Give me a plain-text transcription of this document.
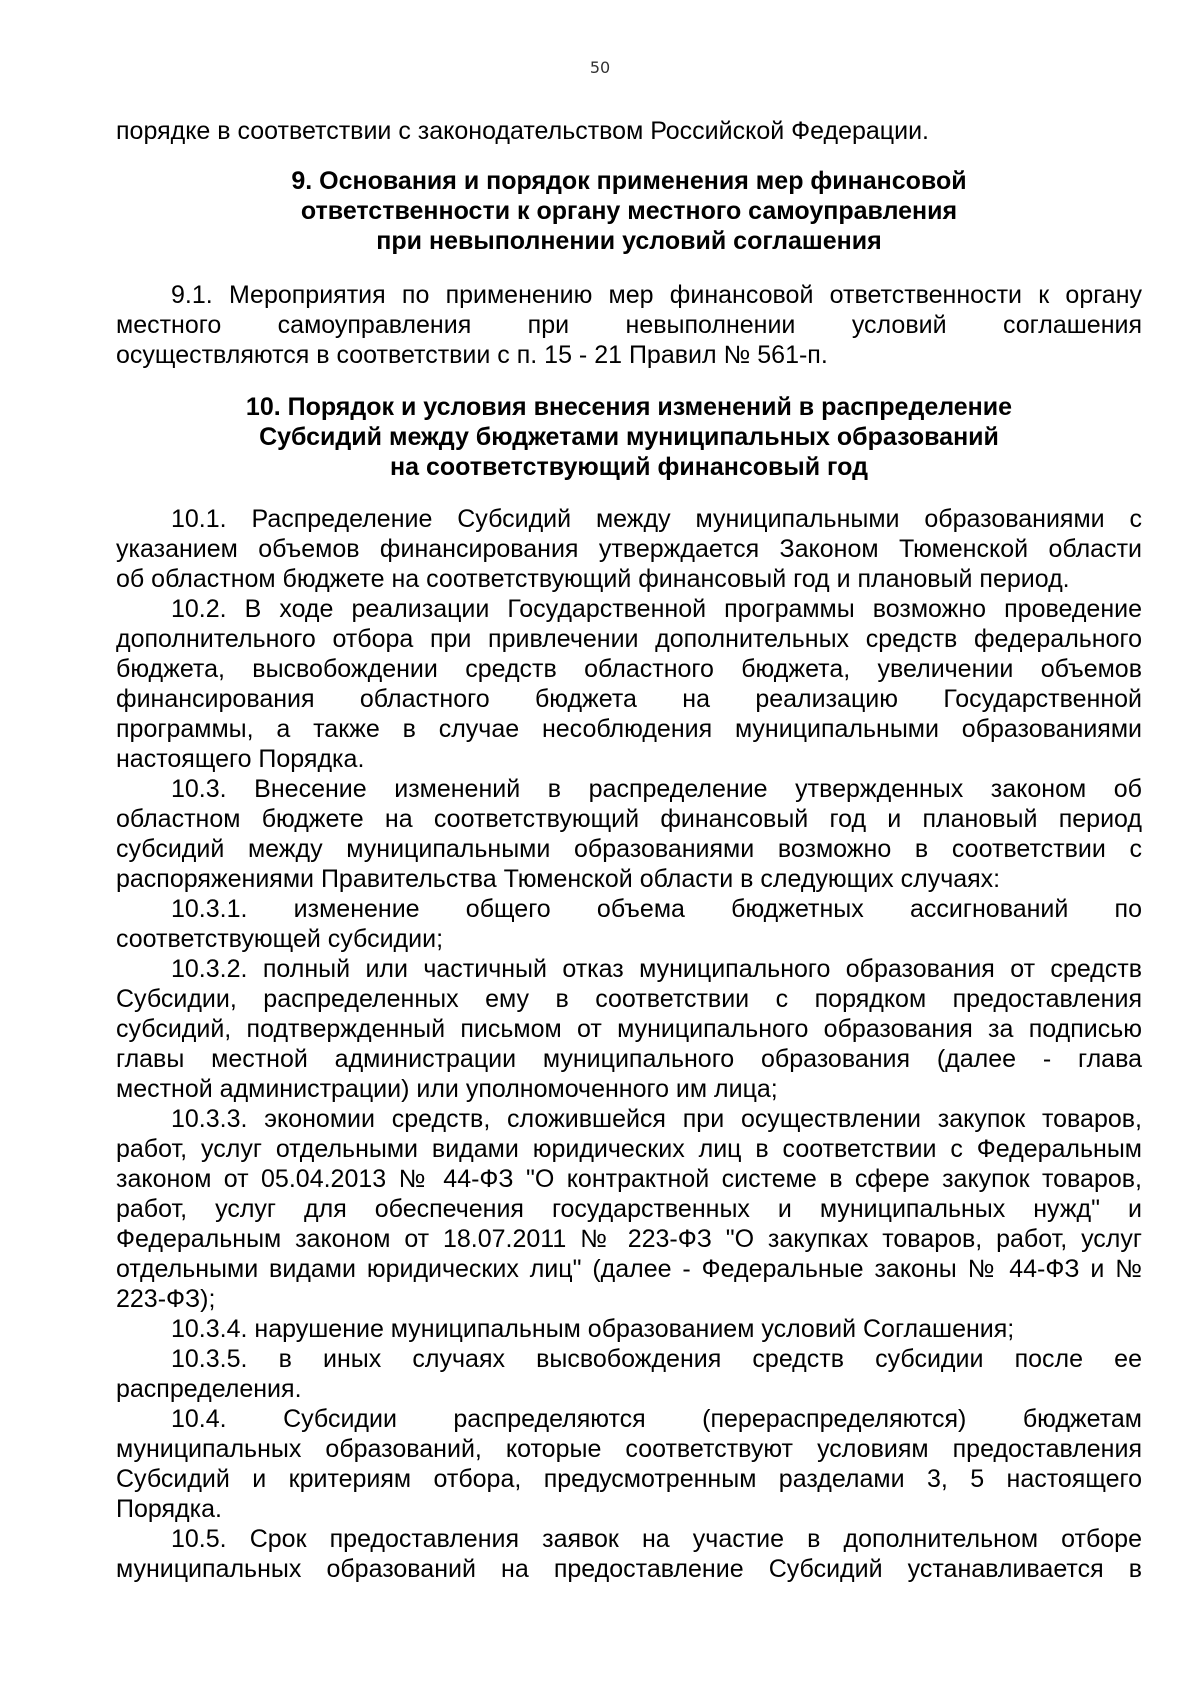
50
порядке в соответствии с законодательством Российской Федерации.
9. Основания и порядок применения мер финансовой
ответственности к органу местного самоуправления
при невыполнении условий соглашения
9.1. Мероприятия по применению мер финансовой ответственности к органу
местного самоуправления при невыполнении условий соглашения
осуществляются в соответствии с п. 15 - 21 Правил № 561-п.
10. Порядок и условия внесения изменений в распределение
Субсидий между бюджетами муниципальных образований
на соответствующий финансовый год
10.1. Распределение Субсидий между муниципальными образованиями с
указанием объемов финансирования утверждается Законом Тюменской области
об областном бюджете на соответствующий финансовый год и плановый период.
10.2. В ходе реализации Государственной программы возможно проведение
дополнительного отбора при привлечении дополнительных средств федерального
бюджета, высвобождении средств областного бюджета, увеличении объемов
финансирования областного бюджета на реализацию Государственной
программы, а также в случае несоблюдения муниципальными образованиями
настоящего Порядка.
10.3. Внесение изменений в распределение утвержденных законом об
областном бюджете на соответствующий финансовый год и плановый период
субсидий между муниципальными образованиями возможно в соответствии с
распоряжениями Правительства Тюменской области в следующих случаях:
10.3.1. изменение общего объема бюджетных ассигнований по
соответствующей субсидии;
10.3.2. полный или частичный отказ муниципального образования от средств
Субсидии, распределенных ему в соответствии с порядком предоставления
субсидий, подтвержденный письмом от муниципального образования за подписью
главы местной администрации муниципального образования (далее - глава
местной администрации) или уполномоченного им лица;
10.3.3. экономии средств, сложившейся при осуществлении закупок товаров,
работ, услуг отдельными видами юридических лиц в соответствии с Федеральным
законом от 05.04.2013 № 44-ФЗ "О контрактной системе в сфере закупок товаров,
работ, услуг для обеспечения государственных и муниципальных нужд" и
Федеральным законом от 18.07.2011 № 223-ФЗ "О закупках товаров, работ, услуг
отдельными видами юридических лиц" (далее - Федеральные законы № 44-ФЗ и №
223-ФЗ);
10.3.4. нарушение муниципальным образованием условий Соглашения;
10.3.5. в иных случаях высвобождения средств субсидии после ее
распределения.
10.4. Субсидии распределяются (перераспределяются) бюджетам
муниципальных образований, которые соответствуют условиям предоставления
Субсидий и критериям отбора, предусмотренным разделами 3, 5 настоящего
Порядка.
10.5. Срок предоставления заявок на участие в дополнительном отборе
муниципальных образований на предоставление Субсидий устанавливается в
